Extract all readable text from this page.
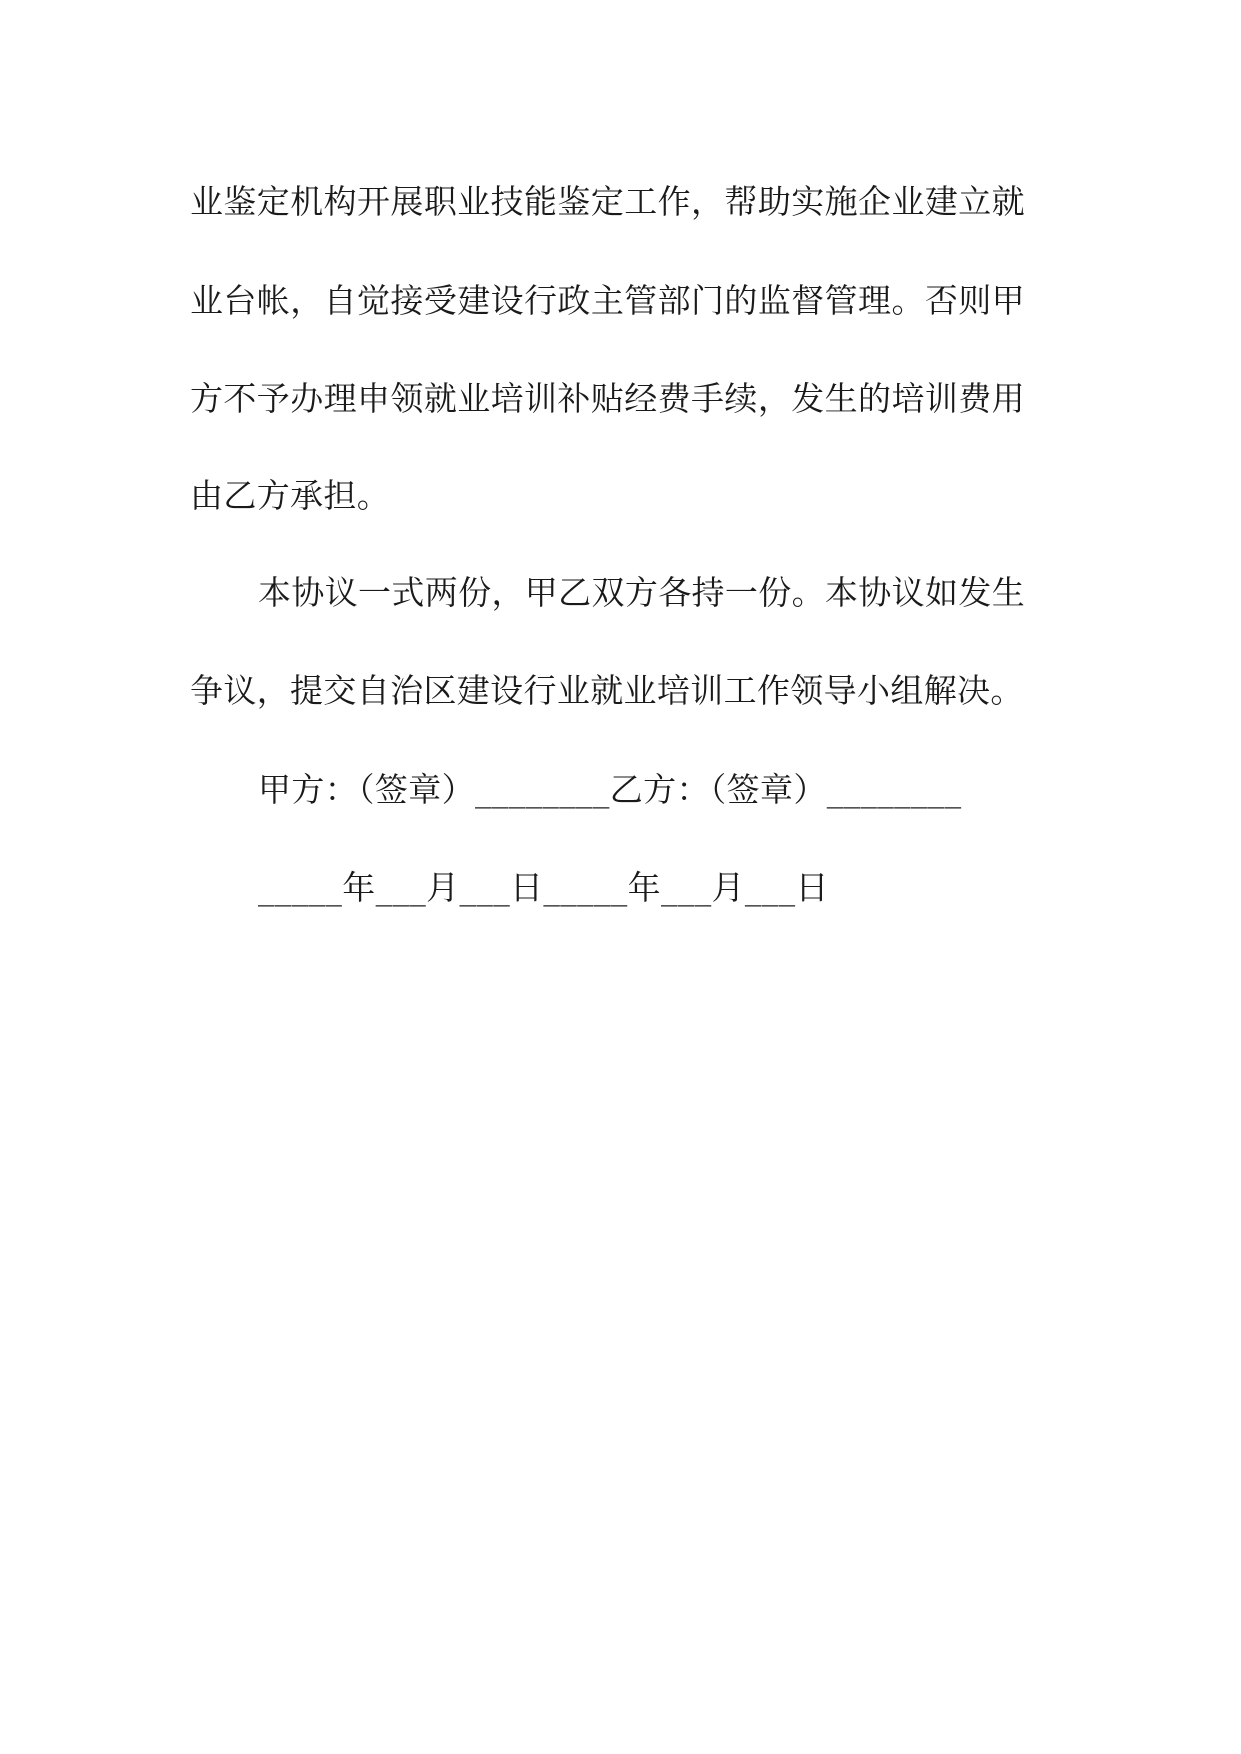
业鉴定机构开展职业技能鉴定工作，帮助实施企业建立就
业台帐，自觉接受建设行政主管部门的监督管理。否则甲
方不予办理申领就业培训补贴经费手续，发生的培训费用
由乙方承担。
本协议一式两份，甲乙双方各持一份。本协议如发生
争议，提交自治区建设行业就业培训工作领导小组解决。
甲方：（签章）________乙方：（签章）________
_____年___月___日_____年___月___日
